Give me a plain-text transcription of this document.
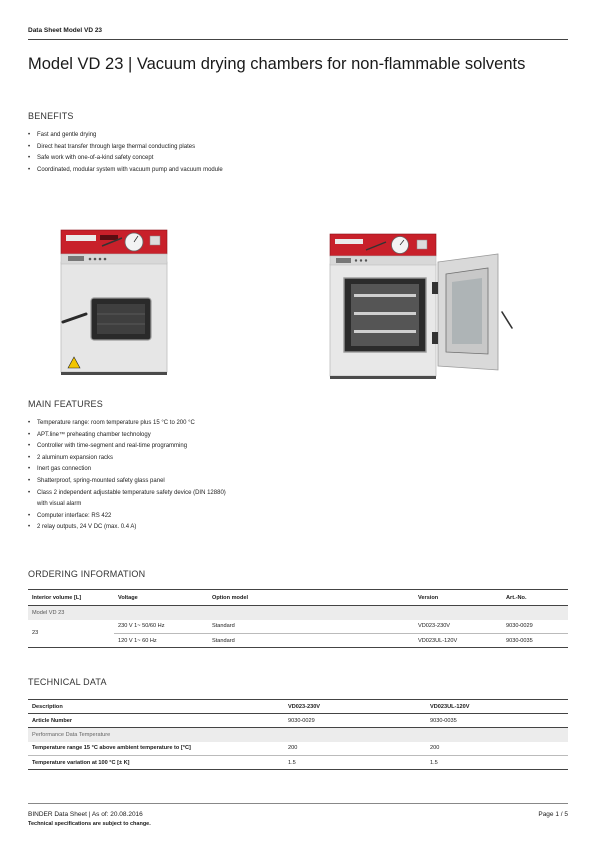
Data Sheet Model VD 23
Model VD 23 | Vacuum drying chambers for non-flammable solvents
BENEFITS
• Fast and gentle drying
• Direct heat transfer through large thermal conducting plates
• Safe work with one-of-a-kind safety concept
• Coordinated, modular system with vacuum pump and vacuum module
MAIN FEATURES
• Temperature range: room temperature plus 15 °C to 200 °C
• APT.line™ preheating chamber technology
• Controller with time-segment and real-time programming
• 2 aluminum expansion racks
• Inert gas connection
• Shatterproof, spring-mounted safety glass panel
• Class 2 independent adjustable temperature safety device (DIN 12880)
with visual alarm
• Computer interface: RS 422
• 2 relay outputs, 24 V DC (max. 0.4 A)
ORDERING INFORMATION
Interior volume [L]	Voltage	Option model	Version	Art.-No.
Model VD 23				
23	230 V 1~ 50/60 Hz	Standard	VD023-230V	9030-0029
	120 V 1~ 60 Hz	Standard	VD023UL-120V	9030-0035
TECHNICAL DATA
Description	VD023-230V	VD023UL-120V
Article Number	9030-0029	9030-0035
Performance Data Temperature		
Temperature range 15 °C above ambient temperature to [°C]	200	200
Temperature variation at 100 °C [± K]	1.5	1.5
BINDER Data Sheet | As of: 20.08.2016	Page 1 / 5
Technical specifications are subject to change.
